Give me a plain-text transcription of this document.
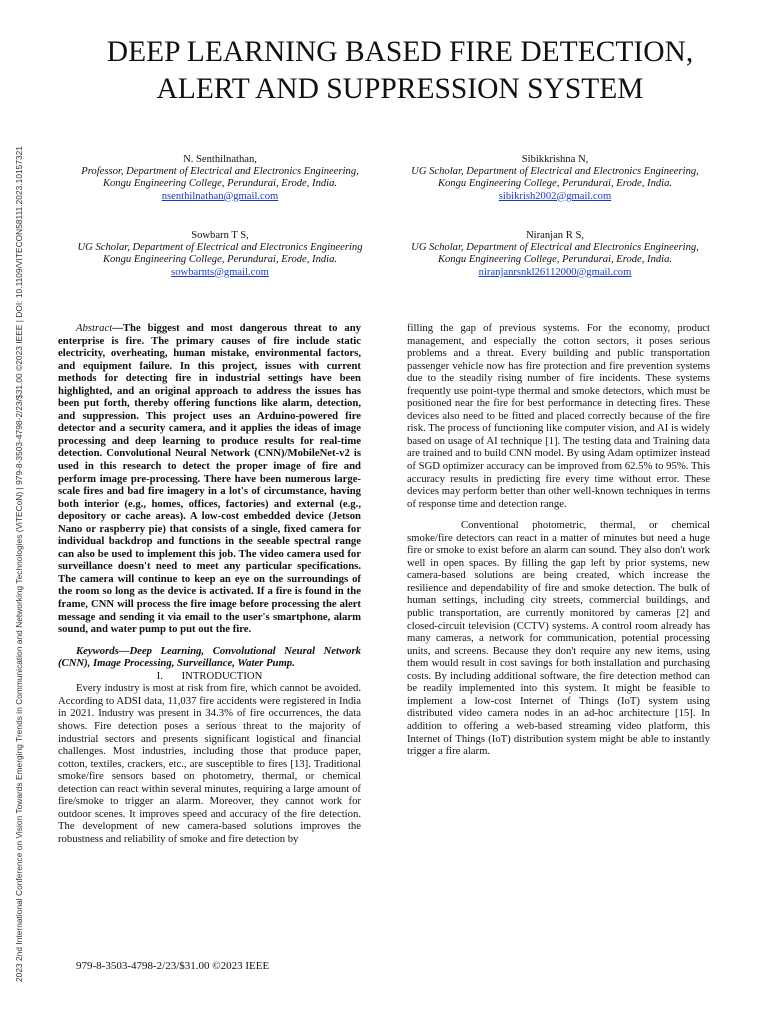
2023 2nd International Conference on Vision Towards Emerging Trends in Communication and Networking Technologies (ViTECoN) | 979-8-3503-4798-2/23/$31.00 ©2023 IEEE | DOI: 10.1109/VITECON58111.2023.10157321
DEEP LEARNING BASED FIRE DETECTION,
ALERT AND SUPPRESSION SYSTEM
N. Senthilnathan,
Professor, Department of Electrical and Electronics Engineering, Kongu Engineering College, Perundurai, Erode, India.
nsenthilnathan@gmail.com
Sibikkrishna N,
UG Scholar, Department of Electrical and Electronics Engineering, Kongu Engineering College, Perundurai, Erode, India.
sibikrish2002@gmail.com
Sowbarn T S,
UG Scholar, Department of Electrical and Electronics Engineering Kongu Engineering College, Perundurai, Erode, India.
sowbarnts@gmail.com
Niranjan R S,
UG Scholar, Department of Electrical and Electronics Engineering, Kongu Engineering College, Perundurai, Erode, India.
niranjanrsnkl26112000@gmail.com

Abstract—The biggest and most dangerous threat to any enterprise is fire. The primary causes of fire include static electricity, overheating, human mistake, environmental factors, and equipment failure. In this project, issues with current methods for detecting fire in industrial settings have been highlighted, and an original approach to address the issues has been put forth, thereby offering functions like alarm, detection, and suppression. This project uses an Arduino-powered fire detector and a security camera, and it applies the ideas of image processing and deep learning to produce results for real-time detection. Convolutional Neural Network (CNN)/MobileNet-v2 is used in this research to detect the proper image of fire and perform image pre-processing. There have been numerous large-scale fires and bad fire imagery in a lot's of circumstance, having both interior (e.g., homes, offices, factories) and external (e.g., depository or cache areas). A low-cost embedded device (Jetson Nano or raspberry pie) that consists of a single, fixed camera for individual backdrop and functions in the seeable spectral range can also be used to implement this job. The video camera used for surveillance doesn't need to meet any particular specifications. The camera will continue to keep an eye on the surroundings of the room so long as the device is activated. If a fire is found in the frame, CNN will process the fire image before processing the alert message and sending it via email to the user's smartphone, alarm sound, and water pump to put out the fire.

Keywords—Deep Learning, Convolutional Neural Network (CNN), Image Processing, Surveillance, Water Pump.

I.       INTRODUCTION

Every industry is most at risk from fire, which cannot be avoided. According to ADSI data, 11,037 fire accidents were registered in India in 2021. Industry was present in 34.3% of fire occurrences, the data shows. Fire detection poses a serious threat to the majority of industrial sectors and presents significant logistical and financial challenges. Most industries, including those that produce paper, cotton, textiles, crackers, etc., are susceptible to fires [13]. Traditional smoke/fire sensors based on photometry, thermal, or chemical detection can react within several minutes, requiring a large amount of fire/smoke to trigger an alarm. Moreover, they cannot work for outdoor scenes. It improves speed and accuracy of the fire detection. The development of new camera-based solutions improves the robustness and reliability of smoke and fire detection by

filling the gap of previous systems. For the economy, product management, and especially the cotton sectors, it poses serious problems and a threat. Every building and public transportation passenger vehicle now has fire protection and fire prevention systems due to the steadily rising number of fire incidents. These systems frequently use point-type thermal and smoke detectors, which must be positioned near the fire for best performance in detecting fires. These devices also need to be fitted and placed correctly because of the fire risk. The process of functioning like computer vision, and AI is widely based on usage of AI technique [1]. The testing data and Training data are trained and to build CNN model. By using Adam optimizer instead of SGD optimizer accuracy can be improved from 62.5% to 95%. This accuracy results in predicting fire every time without error. These devices may perform better than other well-known techniques in terms of response time and detection range.

Conventional photometric, thermal, or chemical smoke/fire detectors can react in a matter of minutes but need a huge fire or smoke to exist before an alarm can sound. They also don't work well in open spaces. By filling the gap left by prior systems, new camera-based solutions are being created, which increase the resilience and dependability of fire and smoke detection. The bulk of human settings, including city streets, commercial buildings, and public transportation, are currently monitored by cameras [2] and closed-circuit television (CCTV) systems. A control room already has many cameras, a network for communication, potential processing units, and screens. Because they don't require any new items, using them would result in cost savings for both installation and purchasing costs. By including additional software, the fire detection method can be readily implemented into this system. It might be feasible to implement a low-cost Internet of Things (IoT) system using distributed video camera nodes in an ad-hoc architecture [15]. In addition to offering a web-based streaming video platform, this Internet of Things (IoT) distribution system might be able to instantly trigger a fire alarm.

979-8-3503-4798-2/23/$31.00 ©2023 IEEE
